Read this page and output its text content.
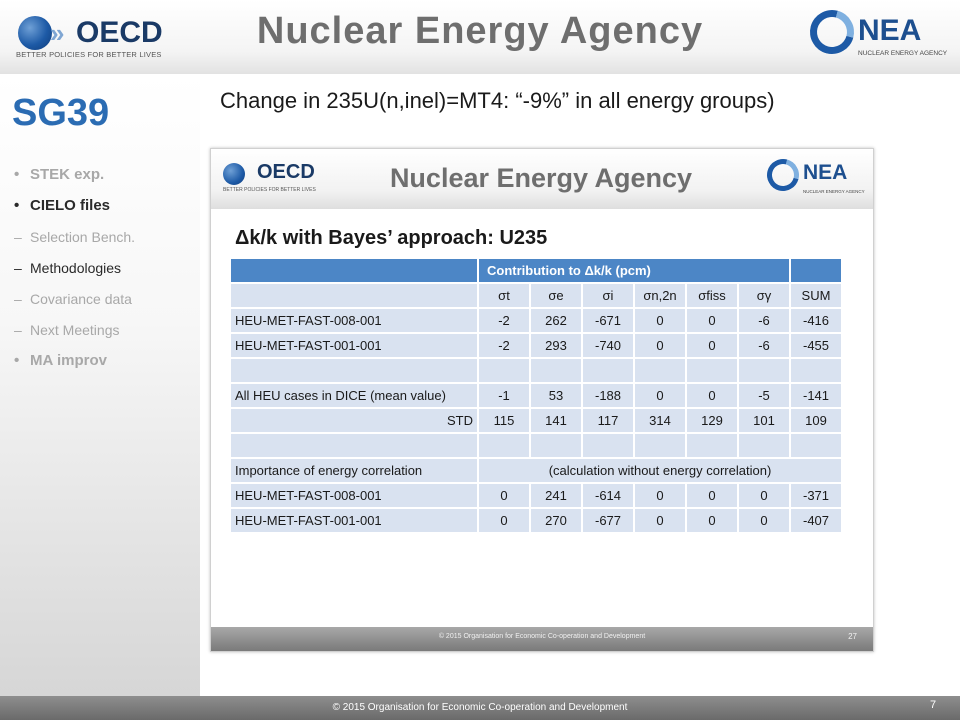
» OECD
BETTER POLICIES FOR BETTER LIVES
Nuclear Energy Agency	NEA
NUCLEAR ENERGY AGENCY
SG39
• STEK exp.
• CIELO files
– Selection Bench.
– Methodologies
– Covariance data
– Next Meetings
• MA improv
Change in 235U(n,inel)=MT4: “-9%” in all energy groups)
OECD
BETTER POLICIES FOR BETTER LIVES	Nuclear Energy Agency	NEA
NUCLEAR ENERGY AGENCY
Δk/k with Bayes’ approach: U235
	Contribution to Δk/k (pcm)						
	σt	σe	σi	σn,2n	σfiss	σγ	SUM
HEU-MET-FAST-008-001	-2	262	-671	0	0	-6	-416
HEU-MET-FAST-001-001	-2	293	-740	0	0	-6	-455

All HEU cases in DICE (mean value)	-1	53	-188	0	0	-5	-141
STD	115	141	117	314	129	101	109

Importance of energy correlation	(calculation without energy correlation)						
HEU-MET-FAST-008-001	0	241	-614	0	0	0	-371
HEU-MET-FAST-001-001	0	270	-677	0	0	0	-407
© 2015 Organisation for Economic Co-operation and Development	27
© 2015 Organisation for Economic Co-operation and Development	7
